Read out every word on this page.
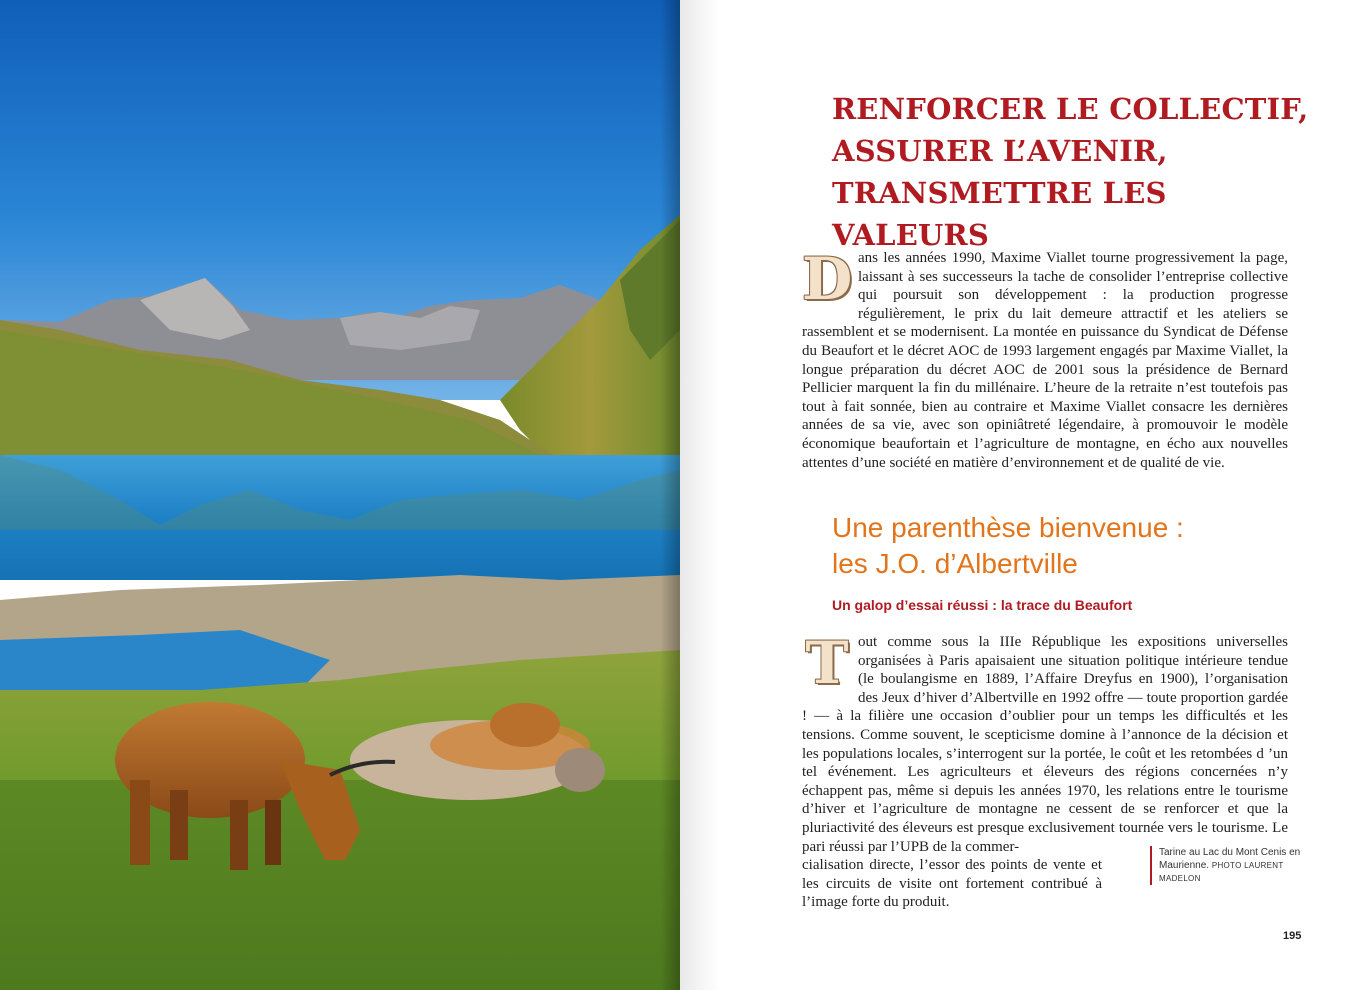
RENFORCER LE COLLECTIF,
ASSURER L’AVENIR,
TRANSMETTRE LES VALEURS

D ans les années 1990, Maxime Viallet tourne progressivement la page, laissant à ses successeurs la tache de consolider l’entreprise collective qui poursuit son développement : la production progresse régulièrement, le prix du lait demeure attractif et les ateliers se rassemblent et se modernisent. La montée en puissance du Syndicat de Défense du Beaufort et le décret AOC de 1993 largement engagés par Maxime Viallet, la longue préparation du décret AOC de 2001 sous la présidence de Bernard Pellicier marquent la fin du millénaire. L’heure de la retraite n’est toutefois pas tout à fait sonnée, bien au contraire et Maxime Viallet consacre les dernières années de sa vie, avec son opiniâtreté légendaire, à promouvoir le modèle économique beaufortain et l’agriculture de montagne, en écho aux nouvelles attentes d’une société en matière d’environnement et de qualité de vie.

Une parenthèse bienvenue :
les J.O. d’Albertville
Un galop d’essai réussi : la trace du Beaufort

T out comme sous la IIIe République les expositions universelles organisées à Paris apaisaient une situation politique intérieure tendue (le boulangisme en 1889, l’Affaire Dreyfus en 1900), l’organisation des Jeux d’hiver d’Albertville en 1992 offre — toute proportion gardée ! — à la filière une occasion d’oublier pour un temps les difficultés et les tensions. Comme souvent, le scepticisme domine à l’annonce de la décision et les populations locales, s’interrogent sur la portée, le coût et les retombées d ’un tel événement. Les agriculteurs et éleveurs des régions concernées n’y échappent pas, même si depuis les années 1970, les relations entre le tourisme d’hiver et l’agriculture de montagne ne cessent de se renforcer et que la pluriactivité des éleveurs est presque exclusivement tournée vers le tourisme. Le pari réussi par l’UPB de la commer-
cialisation directe, l’essor des points de vente et les circuits de visite ont fortement contribué à l’image forte du produit.

Tarine au Lac du Mont Cenis en Maurienne. PHOTO LAURENT MADELON
195
